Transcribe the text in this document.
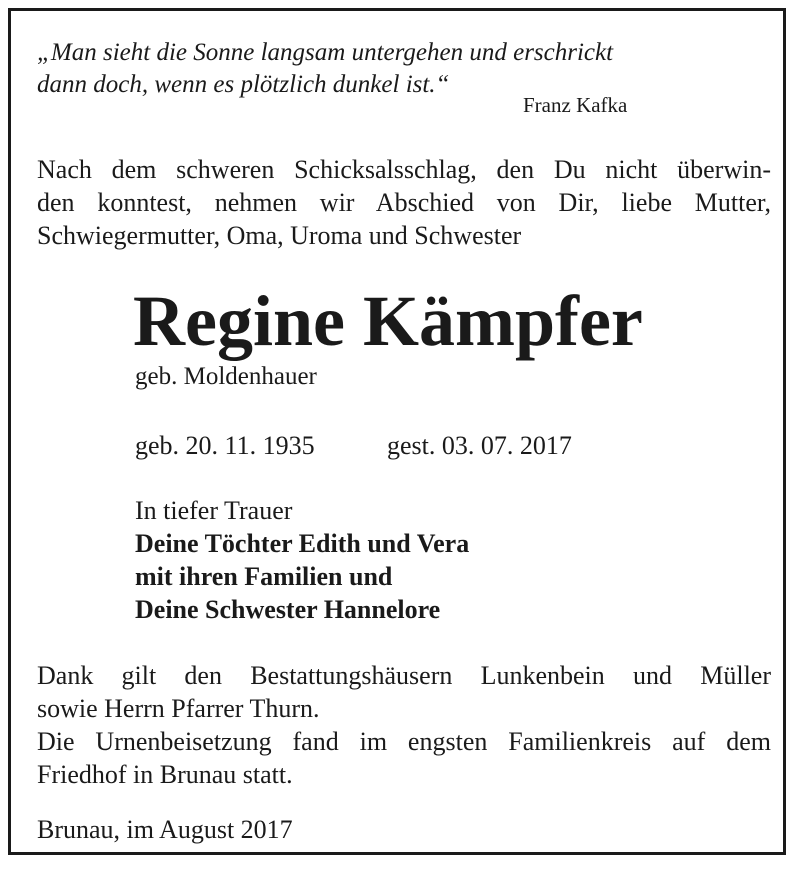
„Man sieht die Sonne langsam untergehen und erschrickt
dann doch, wenn es plötzlich dunkel ist.“
Franz Kafka
Nach dem schweren Schicksalsschlag, den Du nicht überwin-
den konntest, nehmen wir Abschied von Dir, liebe Mutter,
Schwiegermutter, Oma, Uroma und Schwester
Regine Kämpfer
geb. Moldenhauer
geb. 20. 11. 1935	gest. 03. 07. 2017
In tiefer Trauer
Deine Töchter Edith und Vera
mit ihren Familien und
Deine Schwester Hannelore
Dank gilt den Bestattungshäusern Lunkenbein und Müller
sowie Herrn Pfarrer Thurn.
Die Urnenbeisetzung fand im engsten Familienkreis auf dem
Friedhof in Brunau statt.
Brunau, im August 2017
